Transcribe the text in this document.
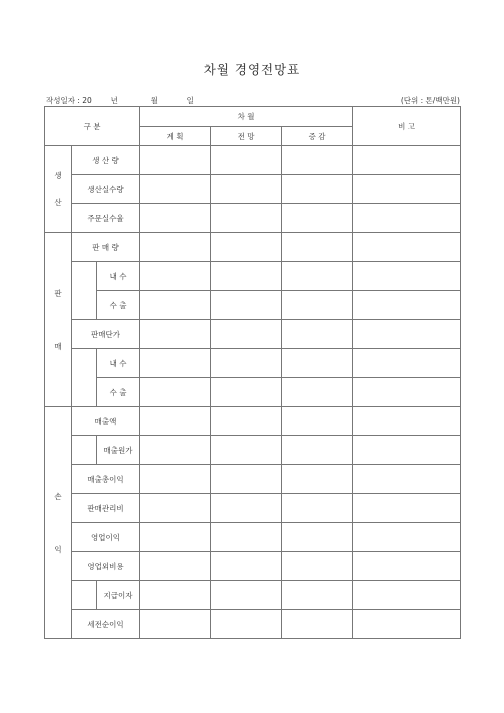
차월 경영전망표
작성일자 : 20	년	월	일	(단위 : 톤/백만원)
구 분			차 월			비 고
			계 획	전 망	증 감	

생
산	생 산 량					
	생산실수량					
	주문실수율					

판
매	판 매 량					
		내 수				
		수 출				
	판매단가					
		내 수				
		수 출				

손
익	매출액					
		매출원가				
	매출총이익					
	판매관리비					
	영업이익					
	영업외비용					
		지급이자				
	세전순이익					
